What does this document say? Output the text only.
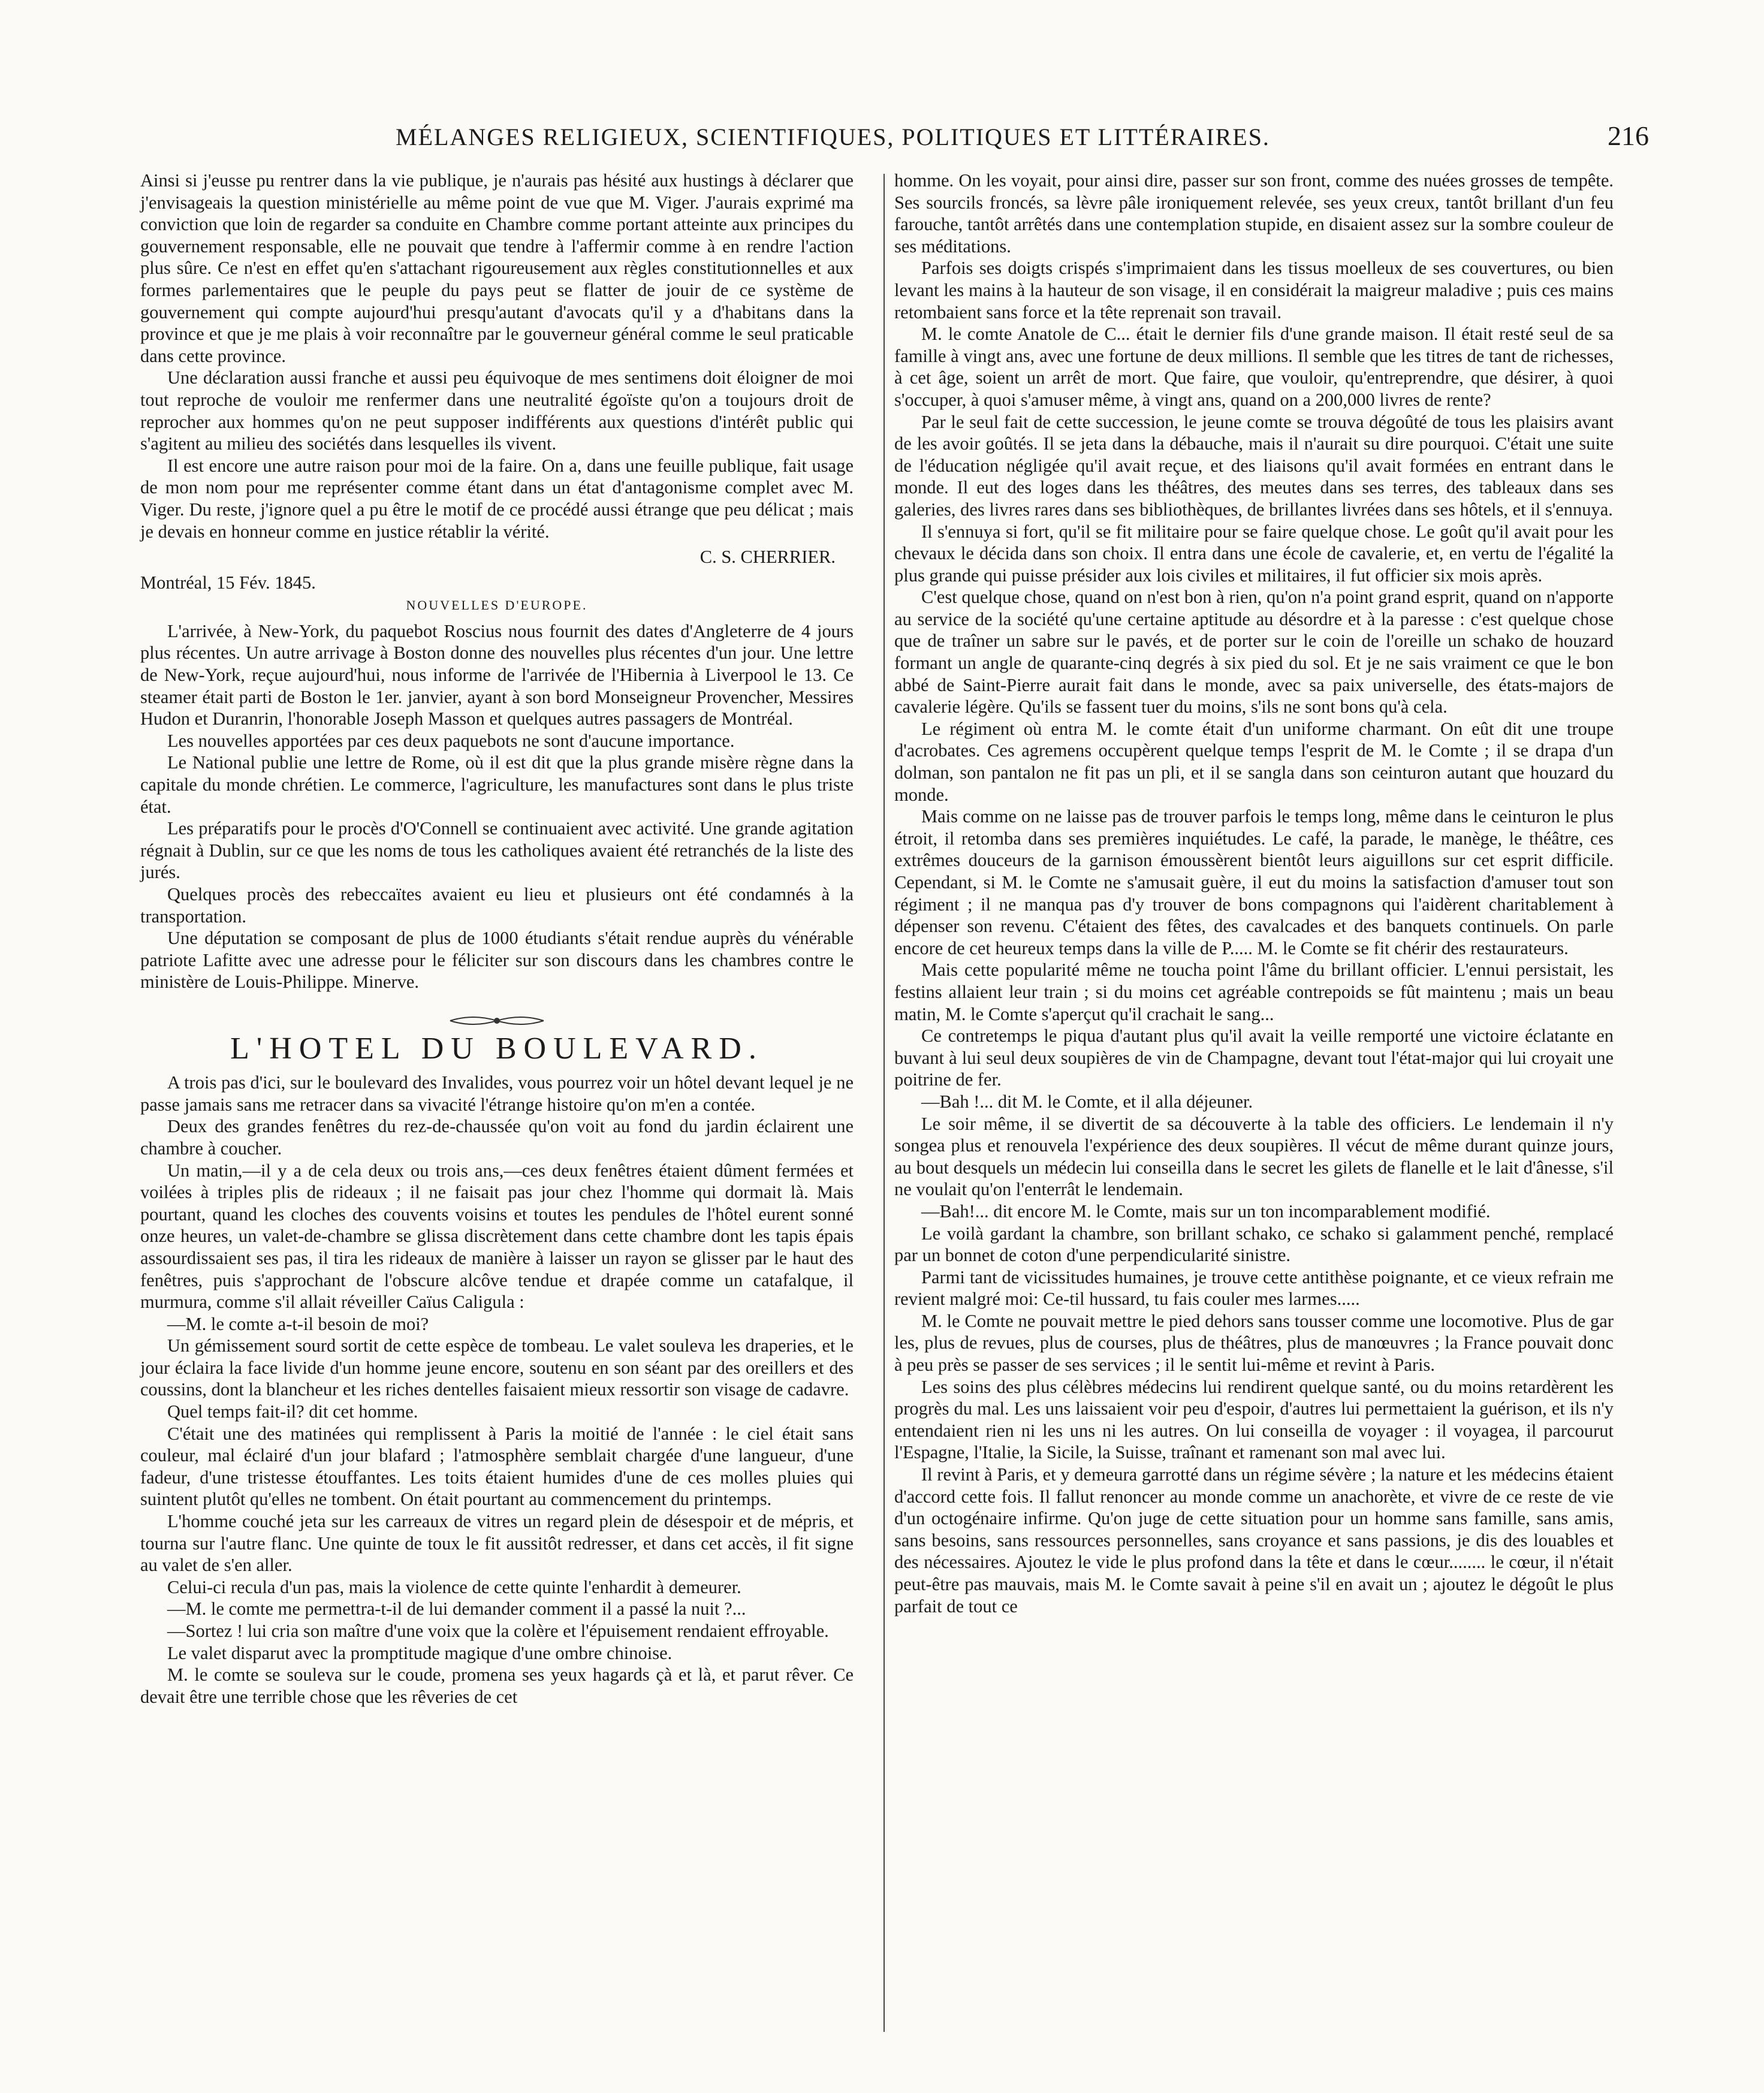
MÉLANGES RELIGIEUX, SCIENTIFIQUES, POLITIQUES ET LITTÉRAIRES.	216

Ainsi si j'eusse pu rentrer dans la vie publique, je n'aurais pas hésité aux hustings à déclarer que j'envisageais la question ministérielle au même point de vue que M. Viger. J'aurais exprimé ma conviction que loin de regarder sa conduite en Chambre comme portant atteinte aux principes du gouvernement responsable, elle ne pouvait que tendre à l'affermir comme à en rendre l'action plus sûre. Ce n'est en effet qu'en s'attachant rigoureusement aux règles constitutionnelles et aux formes parlementaires que le peuple du pays peut se flatter de jouir de ce système de gouvernement qui compte aujourd'hui presqu'autant d'avocats qu'il y a d'habitans dans la province et que je me plais à voir reconnaître par le gouverneur général comme le seul praticable dans cette province.

Une déclaration aussi franche et aussi peu équivoque de mes sentimens doit éloigner de moi tout reproche de vouloir me renfermer dans une neutralité égoïste qu'on a toujours droit de reprocher aux hommes qu'on ne peut supposer indifférents aux questions d'intérêt public qui s'agitent au milieu des sociétés dans lesquelles ils vivent.

Il est encore une autre raison pour moi de la faire. On a, dans une feuille publique, fait usage de mon nom pour me représenter comme étant dans un état d'antagonisme complet avec M. Viger. Du reste, j'ignore quel a pu être le motif de ce procédé aussi étrange que peu délicat ; mais je devais en honneur comme en justice rétablir la vérité.

C. S. CHERRIER.
Montréal, 15 Fév. 1845.
NOUVELLES D'EUROPE.

L'arrivée, à New-York, du paquebot Roscius nous fournit des dates d'Angleterre de 4 jours plus récentes. Un autre arrivage à Boston donne des nouvelles plus récentes d'un jour. Une lettre de New-York, reçue aujourd'hui, nous informe de l'arrivée de l'Hibernia à Liverpool le 13. Ce steamer était parti de Boston le 1er. janvier, ayant à son bord Monseigneur Provencher, Messires Hudon et Duranrin, l'honorable Joseph Masson et quelques autres passagers de Montréal.

Les nouvelles apportées par ces deux paquebots ne sont d'aucune importance.

Le National publie une lettre de Rome, où il est dit que la plus grande misère règne dans la capitale du monde chrétien. Le commerce, l'agriculture, les manufactures sont dans le plus triste état.

Les préparatifs pour le procès d'O'Connell se continuaient avec activité. Une grande agitation régnait à Dublin, sur ce que les noms de tous les catholiques avaient été retranchés de la liste des jurés.

Quelques procès des rebeccaïtes avaient eu lieu et plusieurs ont été condamnés à la transportation.

Une députation se composant de plus de 1000 étudiants s'était rendue auprès du vénérable patriote Lafitte avec une adresse pour le féliciter sur son discours dans les chambres contre le ministère de Louis-Philippe. Minerve.

L'HOTEL DU BOULEVARD.

A trois pas d'ici, sur le boulevard des Invalides, vous pourrez voir un hôtel devant lequel je ne passe jamais sans me retracer dans sa vivacité l'étrange histoire qu'on m'en a contée.

Deux des grandes fenêtres du rez-de-chaussée qu'on voit au fond du jardin éclairent une chambre à coucher.

Un matin,—il y a de cela deux ou trois ans,—ces deux fenêtres étaient dûment fermées et voilées à triples plis de rideaux ; il ne faisait pas jour chez l'homme qui dormait là. Mais pourtant, quand les cloches des couvents voisins et toutes les pendules de l'hôtel eurent sonné onze heures, un valet-de-chambre se glissa discrètement dans cette chambre dont les tapis épais assourdissaient ses pas, il tira les rideaux de manière à laisser un rayon se glisser par le haut des fenêtres, puis s'approchant de l'obscure alcôve tendue et drapée comme un catafalque, il murmura, comme s'il allait réveiller Caïus Caligula :

—M. le comte a-t-il besoin de moi?

Un gémissement sourd sortit de cette espèce de tombeau. Le valet souleva les draperies, et le jour éclaira la face livide d'un homme jeune encore, soutenu en son séant par des oreillers et des coussins, dont la blancheur et les riches dentelles faisaient mieux ressortir son visage de cadavre.

Quel temps fait-il? dit cet homme.

C'était une des matinées qui remplissent à Paris la moitié de l'année : le ciel était sans couleur, mal éclairé d'un jour blafard ; l'atmosphère semblait chargée d'une langueur, d'une fadeur, d'une tristesse étouffantes. Les toits étaient humides d'une de ces molles pluies qui suintent plutôt qu'elles ne tombent. On était pourtant au commencement du printemps.

L'homme couché jeta sur les carreaux de vitres un regard plein de désespoir et de mépris, et tourna sur l'autre flanc. Une quinte de toux le fit aussitôt redresser, et dans cet accès, il fit signe au valet de s'en aller.

Celui-ci recula d'un pas, mais la violence de cette quinte l'enhardit à demeurer.

—M. le comte me permettra-t-il de lui demander comment il a passé la nuit ?...

—Sortez ! lui cria son maître d'une voix que la colère et l'épuisement rendaient effroyable.

Le valet disparut avec la promptitude magique d'une ombre chinoise.

M. le comte se souleva sur le coude, promena ses yeux hagards çà et là, et parut rêver. Ce devait être une terrible chose que les rêveries de cet

homme. On les voyait, pour ainsi dire, passer sur son front, comme des nuées grosses de tempête. Ses sourcils froncés, sa lèvre pâle ironiquement relevée, ses yeux creux, tantôt brillant d'un feu farouche, tantôt arrêtés dans une contemplation stupide, en disaient assez sur la sombre couleur de ses méditations.

Parfois ses doigts crispés s'imprimaient dans les tissus moelleux de ses couvertures, ou bien levant les mains à la hauteur de son visage, il en considérait la maigreur maladive ; puis ces mains retombaient sans force et la tête reprenait son travail.

M. le comte Anatole de C... était le dernier fils d'une grande maison. Il était resté seul de sa famille à vingt ans, avec une fortune de deux millions. Il semble que les titres de tant de richesses, à cet âge, soient un arrêt de mort. Que faire, que vouloir, qu'entreprendre, que désirer, à quoi s'occuper, à quoi s'amuser même, à vingt ans, quand on a 200,000 livres de rente?

Par le seul fait de cette succession, le jeune comte se trouva dégoûté de tous les plaisirs avant de les avoir goûtés. Il se jeta dans la débauche, mais il n'aurait su dire pourquoi. C'était une suite de l'éducation négligée qu'il avait reçue, et des liaisons qu'il avait formées en entrant dans le monde. Il eut des loges dans les théâtres, des meutes dans ses terres, des tableaux dans ses galeries, des livres rares dans ses bibliothèques, de brillantes livrées dans ses hôtels, et il s'ennuya.

Il s'ennuya si fort, qu'il se fit militaire pour se faire quelque chose. Le goût qu'il avait pour les chevaux le décida dans son choix. Il entra dans une école de cavalerie, et, en vertu de l'égalité la plus grande qui puisse présider aux lois civiles et militaires, il fut officier six mois après.

C'est quelque chose, quand on n'est bon à rien, qu'on n'a point grand esprit, quand on n'apporte au service de la société qu'une certaine aptitude au désordre et à la paresse : c'est quelque chose que de traîner un sabre sur le pavés, et de porter sur le coin de l'oreille un schako de houzard formant un angle de quarante-cinq degrés à six pied du sol. Et je ne sais vraiment ce que le bon abbé de Saint-Pierre aurait fait dans le monde, avec sa paix universelle, des états-majors de cavalerie légère. Qu'ils se fassent tuer du moins, s'ils ne sont bons qu'à cela.

Le régiment où entra M. le comte était d'un uniforme charmant. On eût dit une troupe d'acrobates. Ces agremens occupèrent quelque temps l'esprit de M. le Comte ; il se drapa d'un dolman, son pantalon ne fit pas un pli, et il se sangla dans son ceinturon autant que houzard du monde.

Mais comme on ne laisse pas de trouver parfois le temps long, même dans le ceinturon le plus étroit, il retomba dans ses premières inquiétudes. Le café, la parade, le manège, le théâtre, ces extrêmes douceurs de la garnison émoussèrent bientôt leurs aiguillons sur cet esprit difficile. Cependant, si M. le Comte ne s'amusait guère, il eut du moins la satisfaction d'amuser tout son régiment ; il ne manqua pas d'y trouver de bons compagnons qui l'aidèrent charitablement à dépenser son revenu. C'étaient des fêtes, des cavalcades et des banquets continuels. On parle encore de cet heureux temps dans la ville de P..... M. le Comte se fit chérir des restaurateurs.

Mais cette popularité même ne toucha point l'âme du brillant officier. L'ennui persistait, les festins allaient leur train ; si du moins cet agréable contrepoids se fût maintenu ; mais un beau matin, M. le Comte s'aperçut qu'il crachait le sang...

Ce contretemps le piqua d'autant plus qu'il avait la veille remporté une victoire éclatante en buvant à lui seul deux soupières de vin de Champagne, devant tout l'état-major qui lui croyait une poitrine de fer.

—Bah !... dit M. le Comte, et il alla déjeuner.

Le soir même, il se divertit de sa découverte à la table des officiers. Le lendemain il n'y songea plus et renouvela l'expérience des deux soupières. Il vécut de même durant quinze jours, au bout desquels un médecin lui conseilla dans le secret les gilets de flanelle et le lait d'ânesse, s'il ne voulait qu'on l'enterrât le lendemain.

—Bah!... dit encore M. le Comte, mais sur un ton incomparablement modifié.

Le voilà gardant la chambre, son brillant schako, ce schako si galamment penché, remplacé par un bonnet de coton d'une perpendicularité sinistre.

Parmi tant de vicissitudes humaines, je trouve cette antithèse poignante, et ce vieux refrain me revient malgré moi: Ce-til hussard, tu fais couler mes larmes.....

M. le Comte ne pouvait mettre le pied dehors sans tousser comme une locomotive. Plus de gar les, plus de revues, plus de courses, plus de théâtres, plus de manœuvres ; la France pouvait donc à peu près se passer de ses services ; il le sentit lui-même et revint à Paris.

Les soins des plus célèbres médecins lui rendirent quelque santé, ou du moins retardèrent les progrès du mal. Les uns laissaient voir peu d'espoir, d'autres lui permettaient la guérison, et ils n'y entendaient rien ni les uns ni les autres. On lui conseilla de voyager : il voyagea, il parcourut l'Espagne, l'Italie, la Sicile, la Suisse, traînant et ramenant son mal avec lui.

Il revint à Paris, et y demeura garrotté dans un régime sévère ; la nature et les médecins étaient d'accord cette fois. Il fallut renoncer au monde comme un anachorète, et vivre de ce reste de vie d'un octogénaire infirme. Qu'on juge de cette situation pour un homme sans famille, sans amis, sans besoins, sans ressources personnelles, sans croyance et sans passions, je dis des louables et des nécessaires. Ajoutez le vide le plus profond dans la tête et dans le cœur........ le cœur, il n'était peut-être pas mauvais, mais M. le Comte savait à peine s'il en avait un ; ajoutez le dégoût le plus parfait de tout ce
